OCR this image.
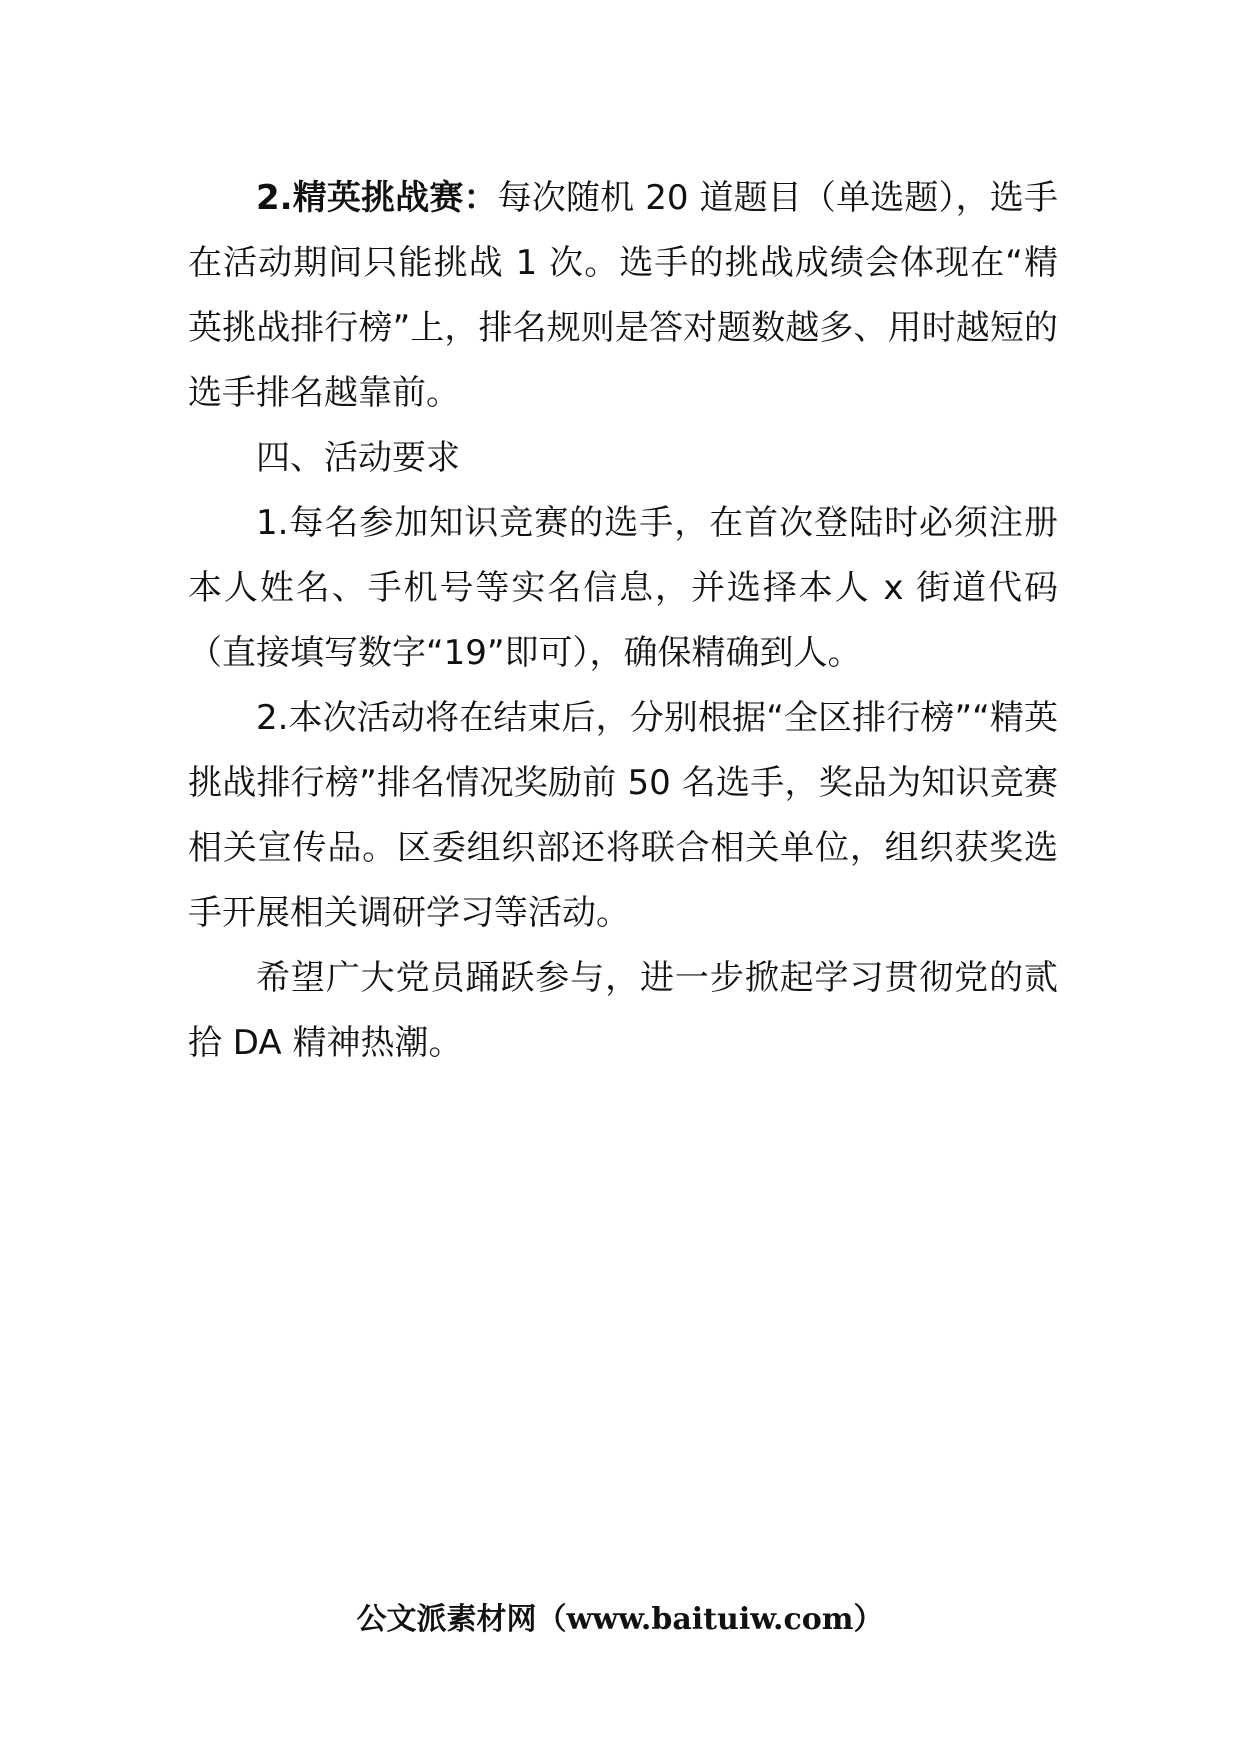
2.精英挑战赛：每次随机 20 道题目（单选题），选手在活动期间只能挑战 1 次。选手的挑战成绩会体现在“精英挑战排行榜”上，排名规则是答对题数越多、用时越短的选手排名越靠前。

四、活动要求

1.每名参加知识竞赛的选手，在首次登陆时必须注册本人姓名、手机号等实名信息，并选择本人 x 街道代码（直接填写数字“19”即可），确保精确到人。

2.本次活动将在结束后，分别根据“全区排行榜”“精英挑战排行榜”排名情况奖励前 50 名选手，奖品为知识竞赛相关宣传品。区委组织部还将联合相关单位，组织获奖选手开展相关调研学习等活动。

希望广大党员踊跃参与，进一步掀起学习贯彻党的贰拾 DA 精神热潮。

公文派素材网（www.baituiw.com）
